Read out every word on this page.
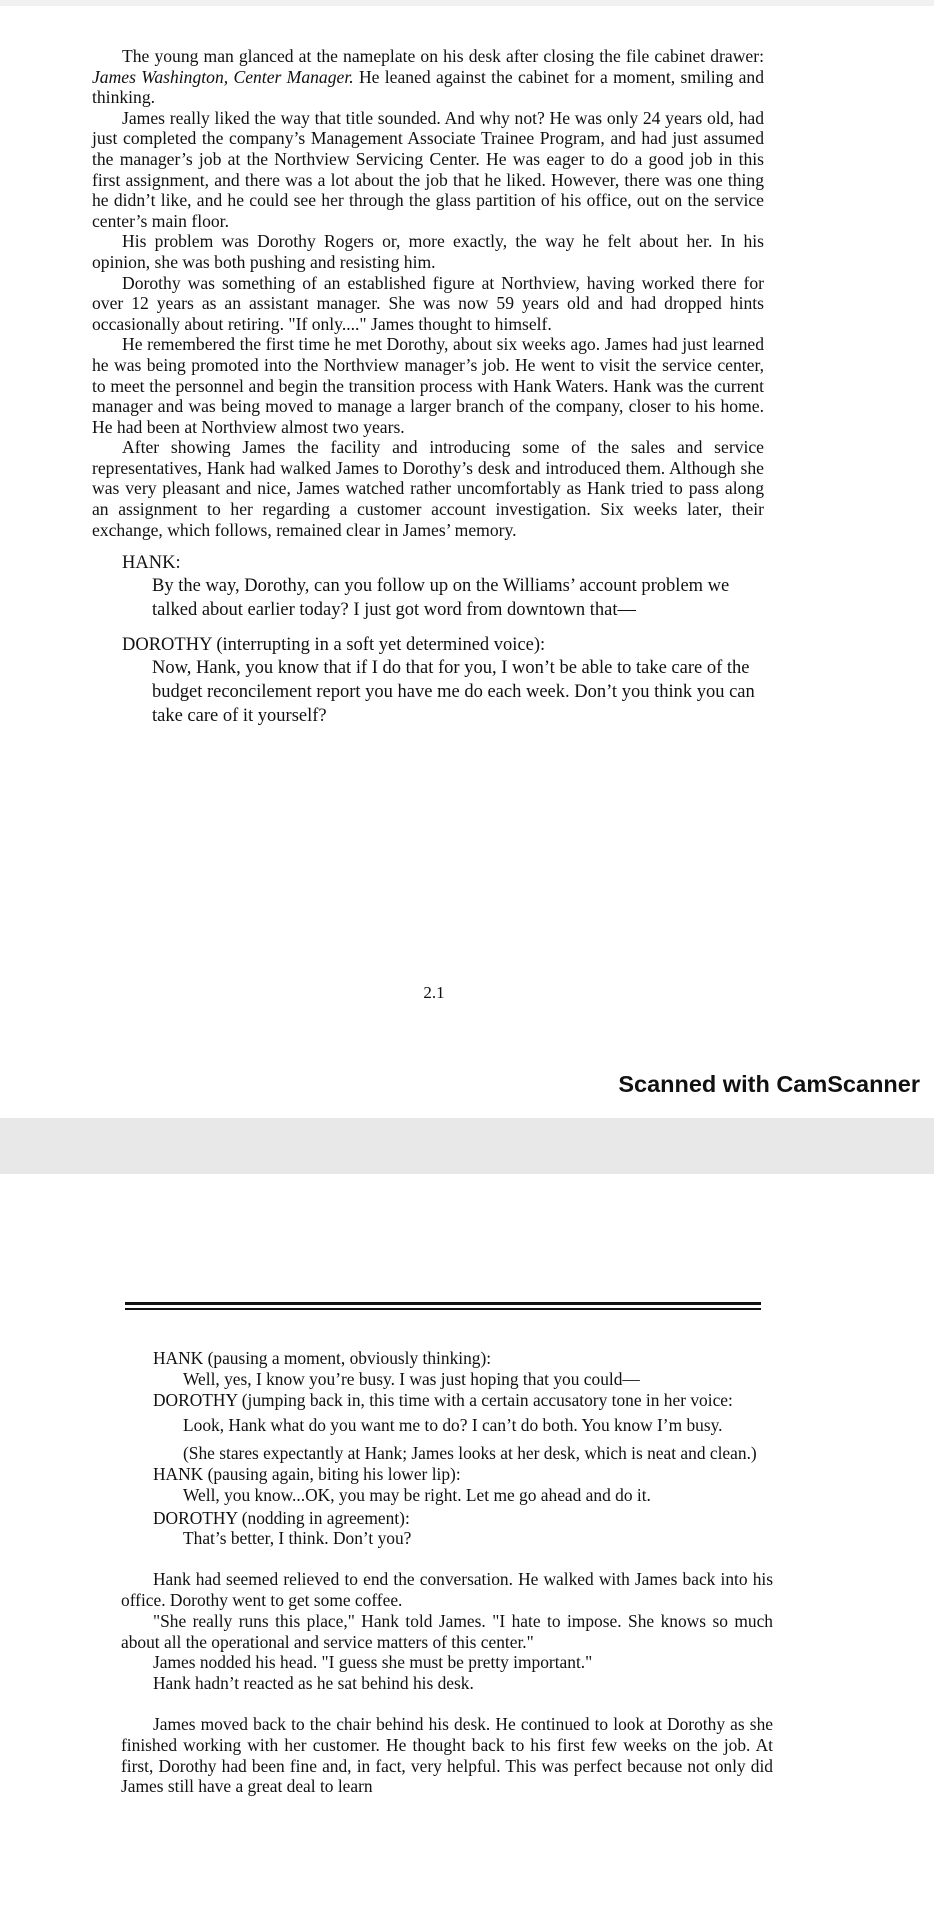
The young man glanced at the nameplate on his desk after closing the file cabinet drawer: James Washington, Center Manager. He leaned against the cabinet for a moment, smiling and thinking.

James really liked the way that title sounded. And why not? He was only 24 years old, had just completed the company’s Management Associate Trainee Program, and had just assumed the manager’s job at the Northview Servicing Center. He was eager to do a good job in this first assignment, and there was a lot about the job that he liked. However, there was one thing he didn’t like, and he could see her through the glass partition of his office, out on the service center’s main floor.

His problem was Dorothy Rogers or, more exactly, the way he felt about her. In his opinion, she was both pushing and resisting him.

Dorothy was something of an established figure at Northview, having worked there for over 12 years as an assistant manager. She was now 59 years old and had dropped hints occasionally about retiring. "If only...." James thought to himself.

He remembered the first time he met Dorothy, about six weeks ago. James had just learned he was being promoted into the Northview manager’s job. He went to visit the service center, to meet the personnel and begin the transition process with Hank Waters. Hank was the current manager and was being moved to manage a larger branch of the company, closer to his home. He had been at Northview almost two years.

After showing James the facility and introducing some of the sales and service representatives, Hank had walked James to Dorothy’s desk and introduced them. Although she was very pleasant and nice, James watched rather uncomfortably as Hank tried to pass along an assignment to her regarding a customer account investigation. Six weeks later, their exchange, which follows, remained clear in James’ memory.

HANK:
By the way, Dorothy, can you follow up on the Williams’ account problem we talked about earlier today? I just got word from downtown that—
DOROTHY (interrupting in a soft yet determined voice):
Now, Hank, you know that if I do that for you, I won’t be able to take care of the budget reconcilement report you have me do each week. Don’t you think you can take care of it yourself?
2.1
Scanned with CamScanner
HANK (pausing a moment, obviously thinking):
Well, yes, I know you’re busy. I was just hoping that you could—
DOROTHY (jumping back in, this time with a certain accusatory tone in her voice:
Look, Hank what do you want me to do? I can’t do both. You know I’m busy.
(She stares expectantly at Hank; James looks at her desk, which is neat and clean.)
HANK (pausing again, biting his lower lip):
Well, you know...OK, you may be right. Let me go ahead and do it.
DOROTHY (nodding in agreement):
That’s better, I think. Don’t you?

Hank had seemed relieved to end the conversation. He walked with James back into his office. Dorothy went to get some coffee.

"She really runs this place," Hank told James. "I hate to impose. She knows so much about all the operational and service matters of this center."

James nodded his head. "I guess she must be pretty important."

Hank hadn’t reacted as he sat behind his desk.

James moved back to the chair behind his desk. He continued to look at Dorothy as she finished working with her customer. He thought back to his first few weeks on the job. At first, Dorothy had been fine and, in fact, very helpful. This was perfect because not only did James still have a great deal to learn
